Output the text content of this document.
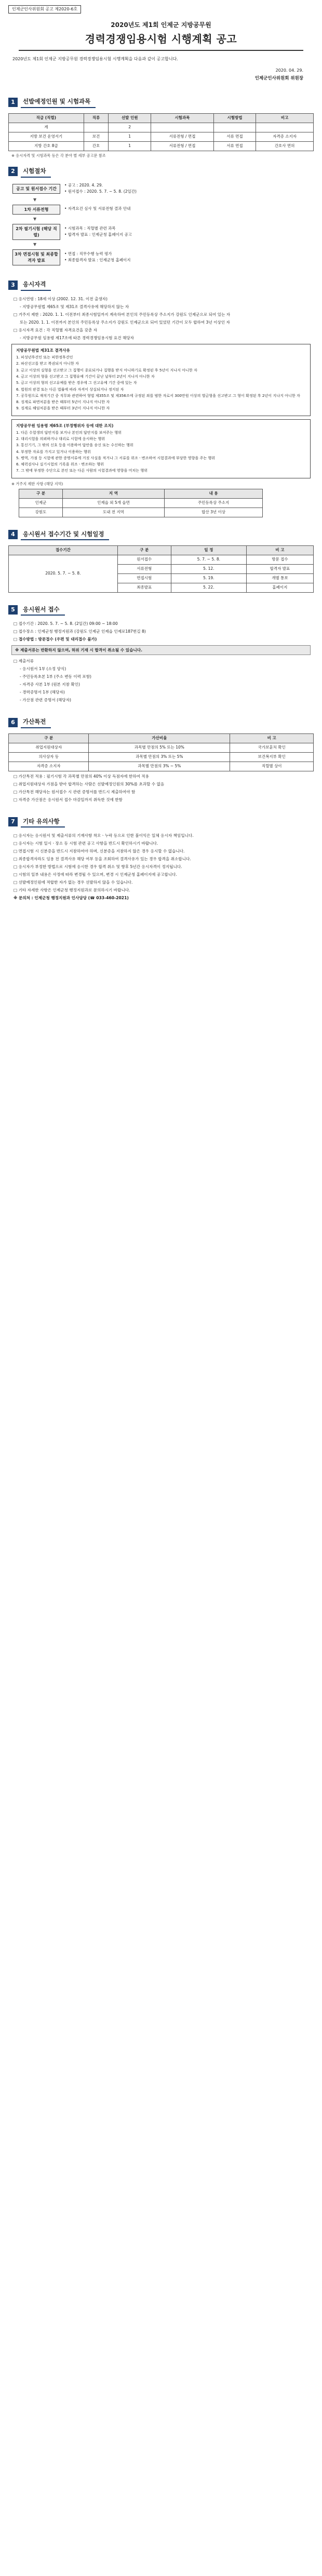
인제군인사위원회 공고 제2020-6호
2020년도 제1회 인제군 지방공무원
경력경쟁임용시험 시행계획 공고
2020년도 제1회 인제군 지방공무원 경력경쟁임용시험 시행계획을 다음과 같이 공고합니다.
2020. 04. 29.
인제군인사위원회 위원장
1	선발예정인원 및 시험과목
직급 (직렬)	직류	선발 인원	시험과목	시험방법	비고
계		2			
지방 보건 운영서기	보건	1	서류전형 / 면접	서류 면접	자격증 소지자
지방 간호 8급	간호	1	서류전형 / 면접	서류 면접	간호사 면허
※ 응시자격 및 시험과목 등은 각 분야 별 세부 공고문 참조
2	시험절차
공고 및 원서접수 기간
• 공고 : 2020. 4. 29.
• 원서접수 : 2020. 5. 7. ~ 5. 8. (2일간)
▼
1차 서류전형	• 자격요건 심사 및 서류전형 결과 안내
▼
2차 필기시험 (해당 직렬)
• 시험과목 : 직렬별 관련 과목
• 합격자 발표 : 인제군청 홈페이지 공고
▼
3차 면접시험 및 최종합격자 발표
• 면접 : 직무수행 능력 평가
• 최종합격자 발표 : 인제군청 홈페이지
3	응시자격
□ 응시연령 : 18세 이상 (2002. 12. 31. 이전 출생자)
- 지방공무원법 제65조 및 제31조 결격사유에 해당하지 않는 자
□ 거주지 제한 : 2020. 1. 1. 이전부터 최종시험일까지 계속하여 본인의 주민등록상 주소지가 강원도 인제군으로 되어 있는 자
또는 2020. 1. 1. 이전까지 본인의 주민등록상 주소지가 강원도 인제군으로 되어 있었던 기간이 모두 합하여 3년 이상인 자
□ 응시자격 요건 : 각 직렬별 자격요건을 갖춘 자
- 지방공무원 임용령 제17조에 따른 경력경쟁임용시험 요건 해당자
지방공무원법 제31조 결격사유
1. 피성년후견인 또는 피한정후견인
2. 파산선고를 받고 복권되지 아니한 자
3. 금고 이상의 실형을 선고받고 그 집행이 종료되거나 집행을 받지 아니하기로 확정된 후 5년이 지나지 아니한 자
4. 금고 이상의 형을 선고받고 그 집행유예 기간이 끝난 날부터 2년이 지나지 아니한 자
5. 금고 이상의 형의 선고유예를 받은 경우에 그 선고유예 기간 중에 있는 자
6. 법원의 판결 또는 다른 법률에 따라 자격이 상실되거나 정지된 자
7. 공무원으로 재직기간 중 직무와 관련하여 형법 제355조 및 제356조에 규정된 죄를 범한 자로서 300만원 이상의 벌금형을 선고받고 그 형이 확정된 후 2년이 지나지 아니한 자
8. 징계로 파면처분을 받은 때부터 5년이 지나지 아니한 자
9. 징계로 해임처분을 받은 때부터 3년이 지나지 아니한 자
지방공무원 임용령 제65조 (부정행위자 등에 대한 조치)
1. 다른 수험생의 답안지를 보거나 본인의 답안지를 보여주는 행위
2. 대리시험을 의뢰하거나 대리로 시험에 응시하는 행위
3. 통신기기, 그 밖의 신호 등을 이용하여 답안을 송신 또는 수신하는 행위
4. 부정한 자료를 가지고 있거나 이용하는 행위
5. 병역, 가점 등 시험에 관한 증명서류에 거짓 사실을 적거나 그 서류를 위조ㆍ변조하여 시험결과에 부당한 영향을 주는 행위
6. 체력검사나 실기시험의 기록을 위조ㆍ변조하는 행위
7. 그 밖에 부정한 수단으로 본인 또는 다른 사람의 시험결과에 영향을 미치는 행위
※ 거주지 제한 사항 (해당 지역)
구 분	지 역	내 용
인제군	인제읍 외 5개 읍면	주민등록상 주소지
강원도	도내 전 지역	합산 3년 이상
4	응시원서 접수기간 및 시험일정
접수기간	구 분	일 정	비 고
2020. 5. 7. ~ 5. 8.	원서접수	5. 7. ~ 5. 8.	방문 접수
	서류전형	5. 12.	합격자 발표
	면접시험	5. 19.	개별 통보
	최종발표	5. 22.	홈페이지
5	응시원서 접수
□ 접수기간 : 2020. 5. 7. ~ 5. 8. (2일간) 09:00 ~ 18:00
□ 접수장소 : 인제군청 행정지원과 (강원도 인제군 인제읍 인제로187번길 8)
□ 접수방법 : 방문접수 (우편 및 대리접수 불가)
※ 제출서류는 반환하지 않으며, 허위 기재 시 합격이 취소될 수 있습니다.
□ 제출서류
- 응시원서 1부 (소정 양식)
- 주민등록초본 1부 (주소 변동 이력 포함)
- 자격증 사본 1부 (원본 지참 확인)
- 경력증명서 1부 (해당자)
- 가산점 관련 증명서 (해당자)
6	가산특전
구 분	가산비율	비 고
취업지원대상자	과목별 만점의 5% 또는 10%	국가보훈처 확인
의사상자 등	과목별 만점의 3% 또는 5%	보건복지부 확인
자격증 소지자	과목별 만점의 3% ~ 5%	직렬별 상이
□ 가산특전 적용 : 필기시험 각 과목별 만점의 40% 이상 득점자에 한하여 적용
□ 취업지원대상자 가점을 받아 합격하는 사람은 선발예정인원의 30%를 초과할 수 없음
□ 가산특전 해당자는 원서접수 시 관련 증명서를 반드시 제출하여야 함
□ 자격증 가산점은 응시원서 접수 마감일까지 취득한 것에 한함
7	기타 유의사항
□ 응시자는 응시원서 및 제출서류의 기재사항 착오ㆍ누락 등으로 인한 불이익은 일체 응시자 책임입니다.
□ 응시자는 시험 일시ㆍ장소 등 시험 관련 공고 사항을 반드시 확인하시기 바랍니다.
□ 면접시험 시 신분증을 반드시 지참하여야 하며, 신분증을 지참하지 않은 경우 응시할 수 없습니다.
□ 최종합격자라도 임용 전 결격사유 해당 여부 등을 조회하여 결격사유가 있는 경우 합격을 취소합니다.
□ 응시자가 부정한 방법으로 시험에 응시한 경우 합격 취소 및 향후 5년간 응시자격이 정지됩니다.
□ 시험의 일부 내용은 사정에 따라 변경될 수 있으며, 변경 시 인제군청 홈페이지에 공고합니다.
□ 선발예정인원에 적합한 자가 없는 경우 선발하지 않을 수 있습니다.
□ 기타 자세한 사항은 인제군청 행정지원과로 문의하시기 바랍니다.
※ 문의처 : 인제군청 행정지원과 인사담당 (☎ 033-460-2021)
